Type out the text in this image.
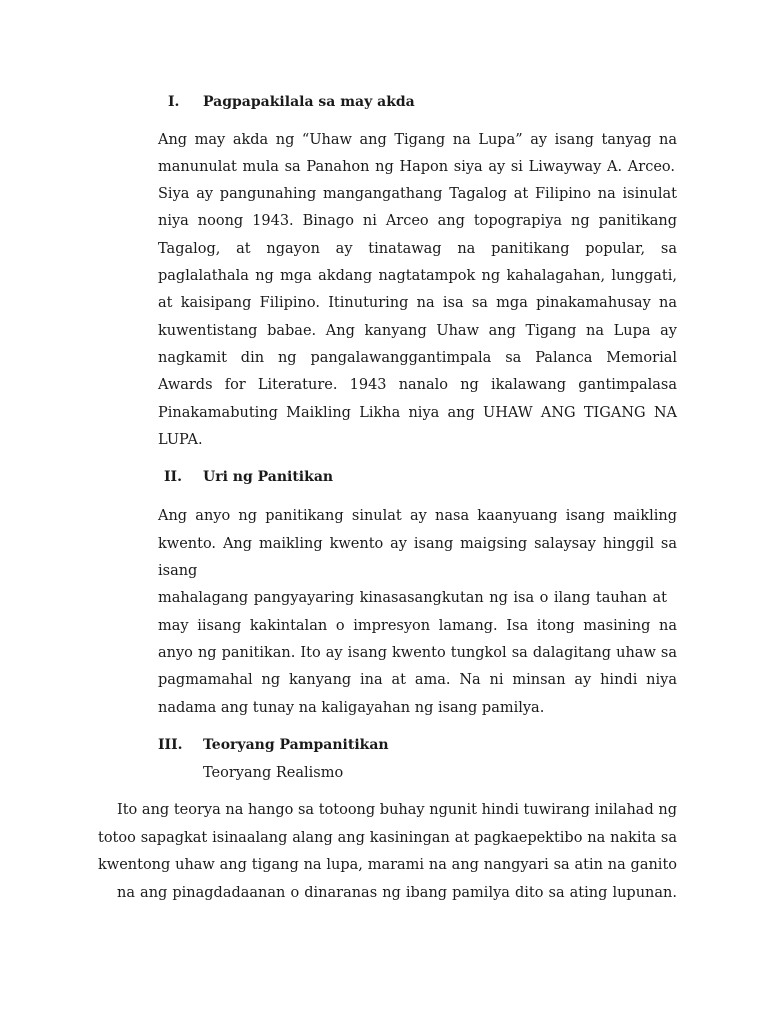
I. Pagpapakilala sa may akda
Ang may akda ng “Uhaw ang Tigang na Lupa” ay isang tanyag na
manunulat mula sa Panahon ng Hapon siya ay si Liwayway A. Arceo.
Siya ay pangunahing mangangathang Tagalog at Filipino na isinulat
niya noong 1943. Binago ni Arceo ang topograpiya ng panitikang
Tagalog, at ngayon ay tinatawag na panitikang popular, sa
paglalathala ng mga akdang nagtatampok ng kahalagahan, lunggati,
at kaisipang Filipino. Itinuturing na isa sa mga pinakamahusay na
kuwentistang babae. Ang kanyang Uhaw ang Tigang na Lupa ay
nagkamit din ng pangalawanggantimpala sa Palanca Memorial
Awards for Literature. 1943 nanalo ng ikalawang gantimpalasa
Pinakamabuting Maikling Likha niya ang UHAW ANG TIGANG NA
LUPA.
II. Uri ng Panitikan
Ang anyo ng panitikang sinulat ay nasa kaanyuang isang maikling
kwento. Ang maikling kwento ay isang maigsing salaysay hinggil sa
isang
mahalagang pangyayaring kinasasangkutan ng isa o ilang tauhan at
may iisang kakintalan o impresyon lamang. Isa itong masining na
anyo ng panitikan. Ito ay isang kwento tungkol sa dalagitang uhaw sa
pagmamahal ng kanyang ina at ama. Na ni minsan ay hindi niya
nadama ang tunay na kaligayahan ng isang pamilya.
III. Teoryang Pampanitikan
Teoryang Realismo
Ito ang teorya na hango sa totoong buhay ngunit hindi tuwirang inilahad ng
totoo sapagkat isinaalang alang ang kasiningan at pagkaepektibo na nakita sa
kwentong uhaw ang tigang na lupa, marami na ang nangyari sa atin na ganito
na ang pinagdadaanan o dinaranas ng ibang pamilya dito sa ating lupunan.
